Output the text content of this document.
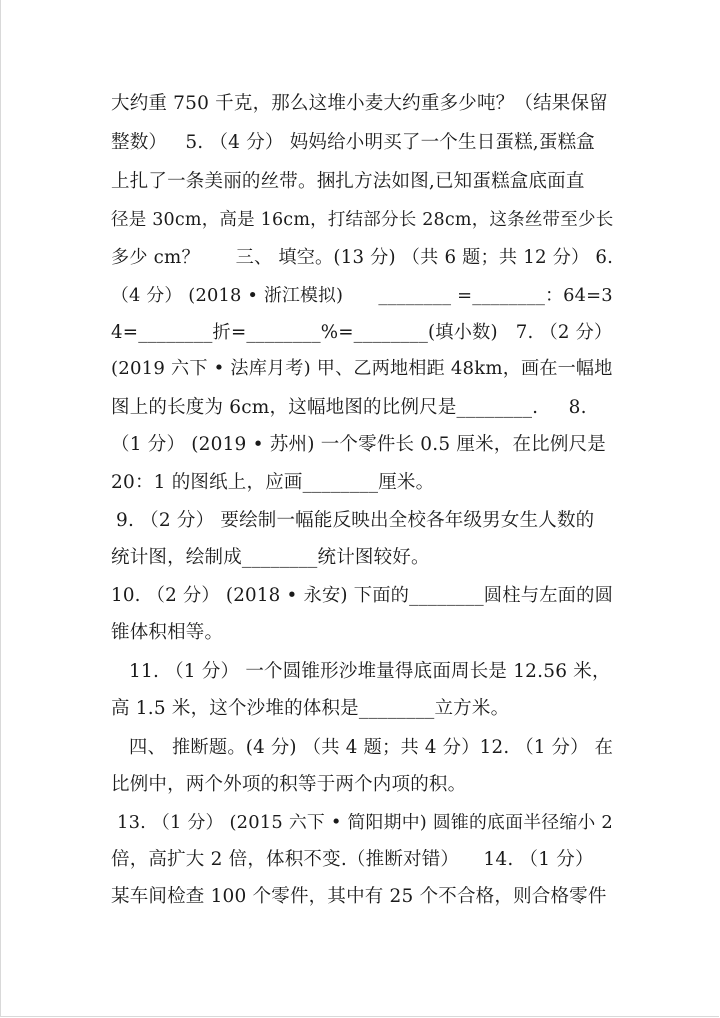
大约重 750 千克，那么这堆小麦大约重多少吨？（结果保留
整数）   5. （4 分） 妈妈给小明买了一个生日蛋糕,蛋糕盒
上扎了一条美丽的丝带。捆扎方法如图,已知蛋糕盒底面直
径是 30cm，高是 16cm，打结部分长 28cm，这条丝带至少长
多少 cm？      三、 填空。(13 分) （共 6 题；共 12 分） 6.
（4 分） (2018 • 浙江模拟)      ________ =________：64=3
4=________折=________%=________(填小数)   7. （2 分）
(2019 六下 • 法库月考) 甲、乙两地相距 48km，画在一幅地
图上的长度为 6cm，这幅地图的比例尺是________.     8.
（1 分） (2019 • 苏州) 一个零件长 0.5 厘米，在比例尺是
20：1 的图纸上，应画________厘米。
9. （2 分） 要绘制一幅能反映出全校各年级男女生人数的
统计图，绘制成________统计图较好。
10. （2 分） (2018 • 永安) 下面的________圆柱与左面的圆
锥体积相等。
11. （1 分） 一个圆锥形沙堆量得底面周长是 12.56 米，
高 1.5 米，这个沙堆的体积是________立方米。
四、 推断题。(4 分) （共 4 题；共 4 分）12. （1 分） 在
比例中，两个外项的积等于两个内项的积。
13. （1 分） (2015 六下 • 简阳期中) 圆锥的底面半径缩小 2
倍，高扩大 2 倍，体积不变.（推断对错）    14. （1 分）
某车间检查 100 个零件，其中有 25 个不合格，则合格零件
